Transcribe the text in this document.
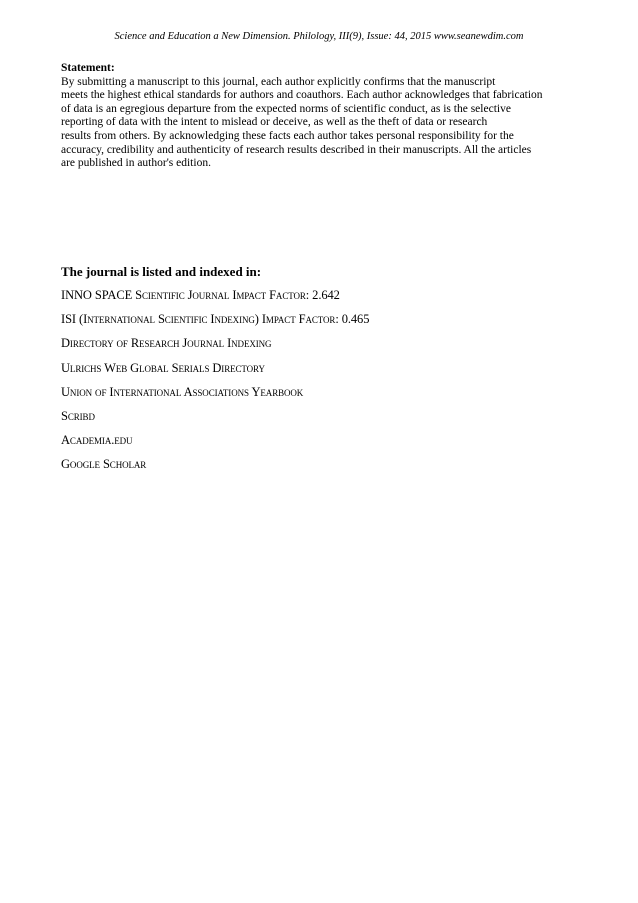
Science and Education a New Dimension. Philology, III(9), Issue: 44, 2015 www.seanewdim.com
Statement:
By submitting a manuscript to this journal, each author explicitly confirms that the manuscript
meets the highest ethical standards for authors and coauthors. Each author acknowledges that fabrication
of data is an egregious departure from the expected norms of scientific conduct, as is the selective
reporting of data with the intent to mislead or deceive, as well as the theft of data or research
results from others. By acknowledging these facts each author takes personal responsibility for the
accuracy, credibility and authenticity of research results described in their manuscripts. All the articles
are published in author's edition.
The journal is listed and indexed in:
INNO SPACE Scientific Journal Impact Factor: 2.642
ISI (International Scientific Indexing) Impact Factor: 0.465
Directory of Research Journal Indexing
Ulrichs Web Global Serials Directory
Union of International Associations Yearbook
Scribd
Academia.edu
Google Scholar
